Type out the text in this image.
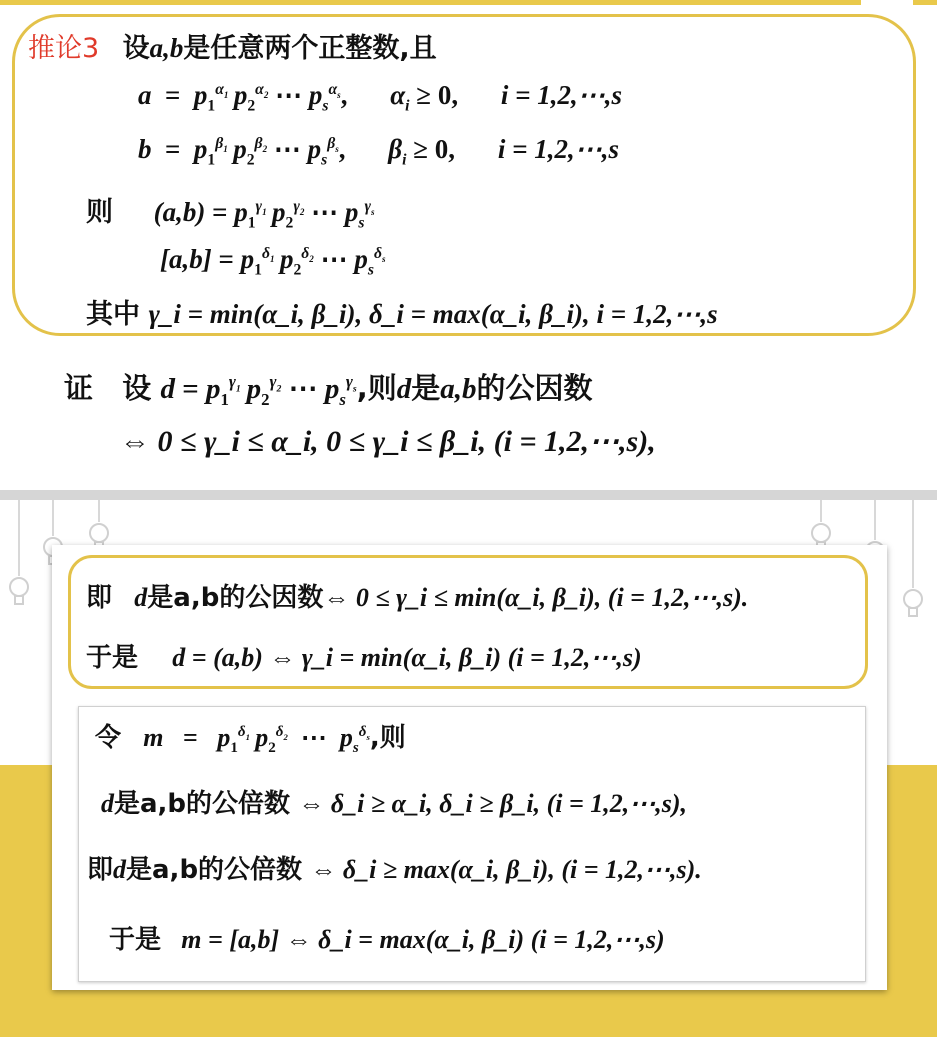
推论3 设a,b是任意两个正整数,且
$a = p_1^{\alpha_1}$  $p_2^{\alpha_2}$ ⋯ $p_s^{\alpha_s}$, $\alpha_i \ge 0$, i = 1,2,⋯,s
$b = p_1^{\beta_1}$  $p_2^{\beta_2}$ ⋯ $p_s^{\beta_s}$, $\beta_i \ge 0$, i = 1,2,⋯,s
则 $(a,b) = p_1^{\gamma_1}$  $p_2^{\gamma_2}$ ⋯ $p_s^{\gamma_s}$
$[a,b] = p_1^{\delta_1}$  $p_2^{\delta_2}$ ⋯ $p_s^{\delta_s}$
其中 γ_i = min(α_i, β_i), δ_i = max(α_i, β_i), i = 1,2,⋯,s
证 设 $d = p_1^{\gamma_1}$  $p_2^{\gamma_2}$ ⋯ $p_s^{\gamma_s}$,则d是a,b的公因数
⇔ 0 ≤ γ_i ≤ α_i, 0 ≤ γ_i ≤ β_i, (i = 1,2,⋯,s),
即 d是a,b的公因数⇔ 0 ≤ γ_i ≤ min(α_i, β_i), (i = 1,2,⋯,s).
于是 d = (a,b) ⇔ γ_i = min(α_i, β_i) (i = 1,2,⋯,s)
令 $m = p_1^{\delta_1}$  $p_2^{\delta_2}$  ⋯  $p_s^{\delta_s}$,则
d是a,b的公倍数 ⇔ δ_i ≥ α_i, δ_i ≥ β_i, (i = 1,2,⋯,s),
即d是a,b的公倍数 ⇔ δ_i ≥ max(α_i, β_i), (i = 1,2,⋯,s).
于是 m = [a,b] ⇔ δ_i = max(α_i, β_i) (i = 1,2,⋯,s)
